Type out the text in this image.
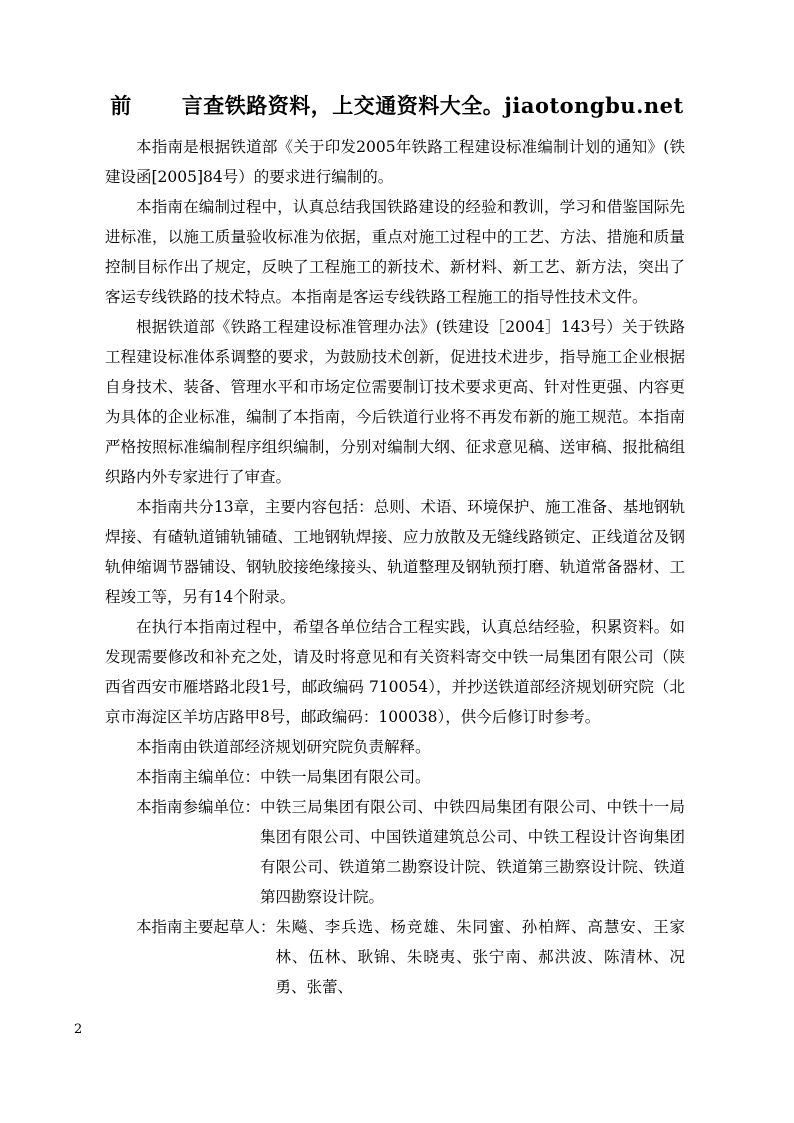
前 言查铁路资料，上交通资料大全。jiaotongbu.net

本指南是根据铁道部《关于印发2005年铁路工程建设标准编制计划的通知》(铁建设函[2005]84号）的要求进行编制的。

本指南在编制过程中，认真总结我国铁路建设的经验和教训，学习和借鉴国际先进标准，以施工质量验收标准为依据，重点对施工过程中的工艺、方法、措施和质量控制目标作出了规定，反映了工程施工的新技术、新材料、新工艺、新方法，突出了客运专线铁路的技术特点。本指南是客运专线铁路工程施工的指导性技术文件。

根据铁道部《铁路工程建设标准管理办法》(铁建设［2004］143号）关于铁路工程建设标准体系调整的要求，为鼓励技术创新，促进技术进步，指导施工企业根据自身技术、装备、管理水平和市场定位需要制订技术要求更高、针对性更强、内容更为具体的企业标准，编制了本指南，今后铁道行业将不再发布新的施工规范。本指南严格按照标准编制程序组织编制，分别对编制大纲、征求意见稿、送审稿、报批稿组织路内外专家进行了审查。

本指南共分13章，主要内容包括：总则、术语、环境保护、施工准备、基地钢轨焊接、有碴轨道铺轨铺碴、工地钢轨焊接、应力放散及无缝线路锁定、正线道岔及钢轨伸缩调节器铺设、钢轨胶接绝缘接头、轨道整理及钢轨预打磨、轨道常备器材、工程竣工等，另有14个附录。

在执行本指南过程中，希望各单位结合工程实践，认真总结经验，积累资料。如发现需要修改和补充之处，请及时将意见和有关资料寄交中铁一局集团有限公司（陕西省西安市雁塔路北段1号，邮政编码 710054），并抄送铁道部经济规划研究院（北京市海淀区羊坊店路甲8号，邮政编码：100038），供今后修订时参考。

本指南由铁道部经济规划研究院负责解释。

本指南主编单位： 中铁一局集团有限公司。
本指南参编单位： 中铁三局集团有限公司、中铁四局集团有限公司、中铁十一局集团有限公司、中国铁道建筑总公司、中铁工程设计咨询集团有限公司、铁道第二勘察设计院、铁道第三勘察设计院、铁道第四勘察设计院。
本指南主要起草人： 朱飚、李兵选、杨竞雄、朱同蜜、孙柏辉、高慧安、王家林、伍林、耿锦、朱晓夷、张宁南、郝洪波、陈清林、况勇、张蕾、
2
